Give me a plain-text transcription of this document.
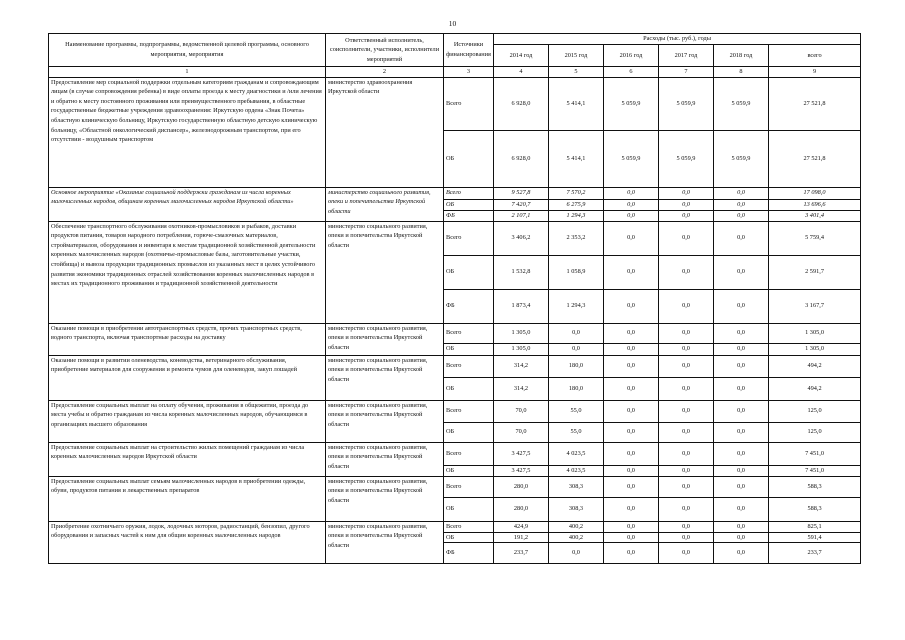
10
Наименование программы, подпрограммы, ведомственной целевой программы, основного мероприятия, мероприятия	Ответственный исполнитель, соисполнители, участники, исполнители мероприятий	Источники финансирования	Расходы (тыс. руб.), годы					
			2014 год	2015 год	2016 год	2017 год	2018 год	всего
1	2	3	4	5	6	7	8	9
Предоставление мер социальной поддержки отдельным категориям гражданам и сопровождающим лицам (в случае сопровождения ребенка) в виде оплаты проезда к месту диагностики и /или лечения и обратно к месту постоянного проживания или преимущественного пребывания, в областные государственные бюджетные учреждения здравоохранения: Иркутскую ордена «Знак Почета» областную клиническую больницу, Иркутскую государственную областную детскую клиническую больницу, «Областной онкологический диспансер», железнодорожным транспортом, при его отсутствии - воздушным транспортом	министерство здравоохранения Иркутской области	Всего	6 928,0	5 414,1	5 059,9	5 059,9	5 059,9	27 521,8
		ОБ	6 928,0	5 414,1	5 059,9	5 059,9	5 059,9	27 521,8
Основное мероприятие «Оказание социальной поддержки гражданам из числа коренных малочисленных народов, общинам коренных малочисленных народов Иркутской области»	министерство социального развития, опеки и попечительства Иркутской области	Всего	9 527,8	7 570,2	0,0	0,0	0,0	17 098,0
		ОБ	7 420,7	6 275,9	0,0	0,0	0,0	13 696,6
		ФБ	2 107,1	1 294,3	0,0	0,0	0,0	3 401,4
Обеспечение транспортного обслуживания охотников-промысловиков и рыбаков, доставки продуктов питания, товаров народного потребления, горюче-смазочных материалов, стройматериалов, оборудования и инвентаря к местам традиционной хозяйственной деятельности коренных малочисленных народов (охотничье-промысловые базы, заготовительные участки, стойбища) и вывоза продукции традиционных промыслов из указанных мест в целях устойчивого развития экономики традиционных отраслей хозяйствования коренных малочисленных народов в местах их традиционного проживания и традиционной хозяйственной деятельности	министерство социального развития, опеки и попечительства Иркутской области	Всего	3 406,2	2 353,2	0,0	0,0	0,0	5 759,4
		ОБ	1 532,8	1 058,9	0,0	0,0	0,0	2 591,7
		ФБ	1 873,4	1 294,3	0,0	0,0	0,0	3 167,7
Оказание помощи в приобретении автотранспортных средств, прочих транспортных средств, водного транспорта, включая транспортные расходы на доставку	министерство социального развития, опеки и попечительства Иркутской области	Всего	1 305,0	0,0	0,0	0,0	0,0	1 305,0
		ОБ	1 305,0	0,0	0,0	0,0	0,0	1 305,0
Оказание помощи в развитии оленеводства, коневодства, ветеринарного обслуживания, приобретение материалов для сооружения и ремонта чумов для оленеводов, закуп лошадей	министерство социального развития, опеки и попечительства Иркутской области	Всего	314,2	180,0	0,0	0,0	0,0	494,2
		ОБ	314,2	180,0	0,0	0,0	0,0	494,2
Предоставление социальных выплат на оплату обучения, проживания в общежитии, проезда до места учебы и обратно гражданам из числа коренных малочисленных народов, обучающимся в организациях высшего образования	министерство социального развития, опеки и попечительства Иркутской области	Всего	70,0	55,0	0,0	0,0	0,0	125,0
		ОБ	70,0	55,0	0,0	0,0	0,0	125,0
Предоставление социальных выплат на строительство жилых помещений гражданам из числа коренных малочисленных народов Иркутской области	министерство социального развития, опеки и попечительства Иркутской области	Всего	3 427,5	4 023,5	0,0	0,0	0,0	7 451,0
		ОБ	3 427,5	4 023,5	0,0	0,0	0,0	7 451,0
Предоставление социальных выплат семьям малочисленных народов в приобретении одежды, обуви, продуктов питания и лекарственных препаратов	министерство социального развития, опеки и попечительства Иркутской области	Всего	280,0	308,3	0,0	0,0	0,0	588,3
		ОБ	280,0	308,3	0,0	0,0	0,0	588,3
Приобретение охотничьего оружия, лодок, лодочных моторов, радиостанций, бензопил, другого оборудования и запасных частей к ним для общин коренных малочисленных народов	министерство социального развития, опеки и попечительства Иркутской области	Всего	424,9	400,2	0,0	0,0	0,0	825,1
		ОБ	191,2	400,2	0,0	0,0	0,0	591,4
		ФБ	233,7	0,0	0,0	0,0	0,0	233,7
